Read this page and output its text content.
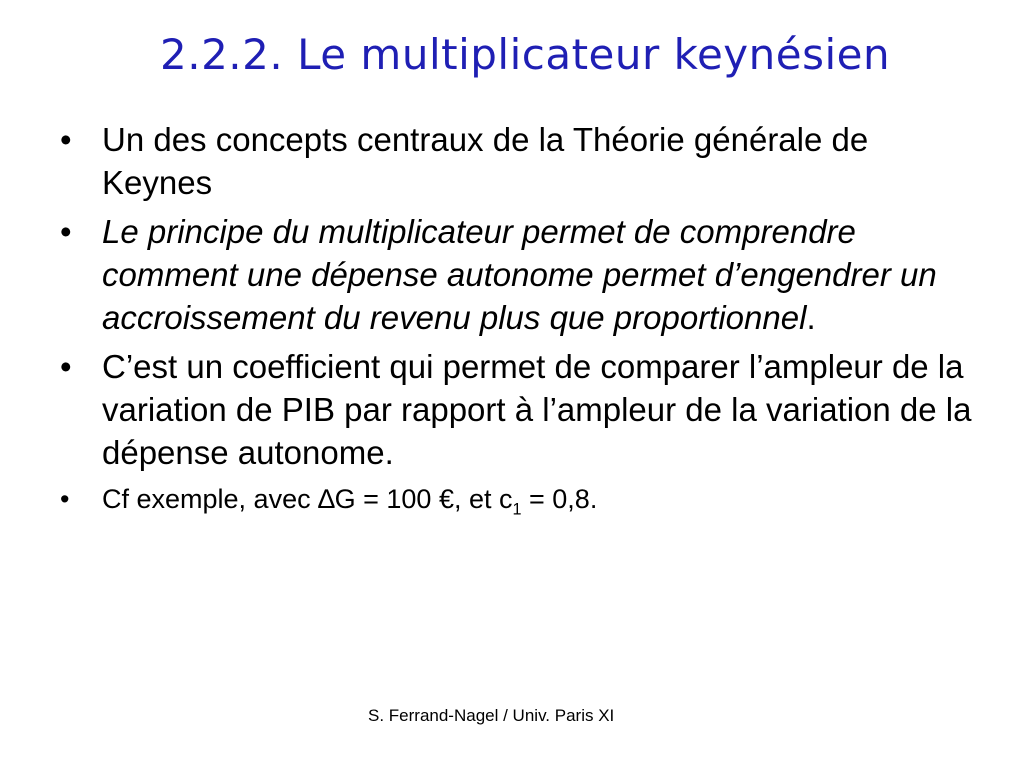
2.2.2. Le multiplicateur keynésien
• Un des concepts centraux de la Théorie générale de Keynes
• Le principe du multiplicateur permet de comprendre comment une dépense autonome permet d’engendrer un accroissement du revenu plus que proportionnel.
• C’est un coefficient qui permet de comparer l’ampleur de la variation de PIB par rapport à l’ampleur de la variation de la dépense autonome.
•	Cf exemple, avec ∆G = 100 €, et $c_1 = 0,8$.
S. Ferrand-Nagel / Univ. Paris XI
